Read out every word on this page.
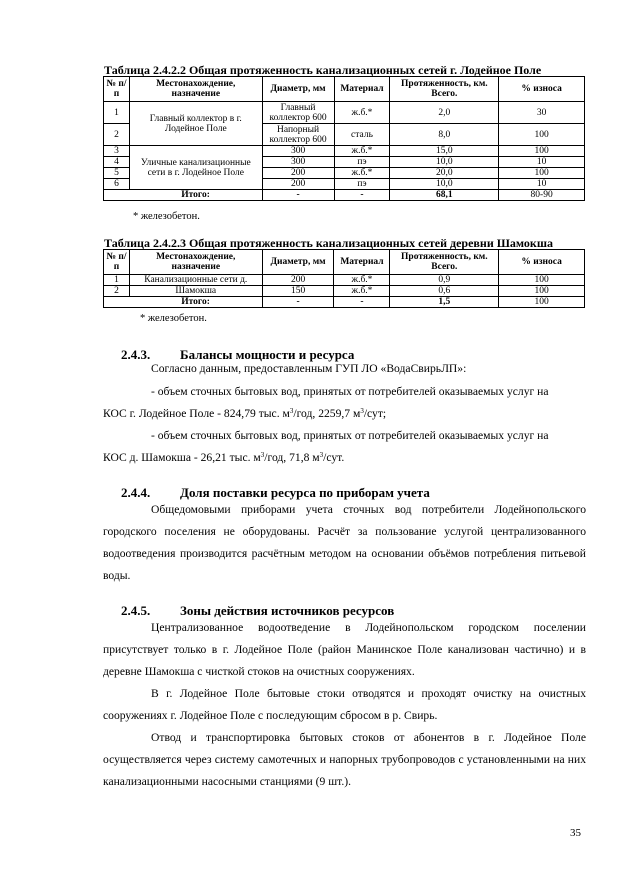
Таблица 2.4.2.2 Общая протяженность канализационных сетей г. Лодейное Поле
№ п/п	Местонахождение, назначение	Диаметр, мм	Материал	Протяженность, км. Всего.	% износа
1	Главный коллектор в г. Лодейное Поле	Главный коллектор 600	ж.б.*	2,0	30
2		Напорный коллектор 600	сталь	8,0	100
3	Уличные канализационные сети в г. Лодейное Поле	300	ж.б.*	15,0	100
4		300	пэ	10,0	10
5		200	ж.б.*	20,0	100
6		200	пэ	10,0	10
	Итого:	-	-	68,1	80-90
* железобетон.
Таблица 2.4.2.3 Общая протяженность канализационных сетей деревни Шамокша
№ п/п	Местонахождение, назначение	Диаметр, мм	Материал	Протяженность, км. Всего.	% износа
1	Канализационные сети д.	200	ж.б.*	0,9	100
2	Шамокша	150	ж.б.*	0,6	100
	Итого:	-	-	1,5	100
* железобетон.
2.4.3. Балансы мощности и ресурса
Согласно данным, предоставленным ГУП ЛО «ВодаСвирьЛП»:
- объем сточных бытовых вод, принятых от потребителей оказываемых услуг на
КОС г. Лодейное Поле - 824,79 тыс. $м^3$/год, 2259,7 $м^3$/сут;
- объем сточных бытовых вод, принятых от потребителей оказываемых услуг на
КОС д. Шамокша - 26,21 тыс. $м^3$/год, 71,8 $м^3$/сут.
2.4.4. Доля поставки ресурса по приборам учета
Общедомовыми приборами учета сточных вод потребители Лодейнопольского городского поселения не оборудованы. Расчёт за пользование услугой централизованного водоотведения производится расчётным методом на основании объёмов потребления питьевой воды.
2.4.5. Зоны действия источников ресурсов
Централизованное водоотведение в Лодейнопольском городском поселении присутствует только в г. Лодейное Поле (район Манинское Поле канализован частично) и в деревне Шамокша с чисткой стоков на очистных сооружениях.
В г. Лодейное Поле бытовые стоки отводятся и проходят очистку на очистных сооружениях г. Лодейное Поле с последующим сбросом в р. Свирь.
Отвод и транспортировка бытовых стоков от абонентов в г. Лодейное Поле осуществляется через систему самотечных и напорных трубопроводов с установленными на них канализационными насосными станциями (9 шт.).
35
